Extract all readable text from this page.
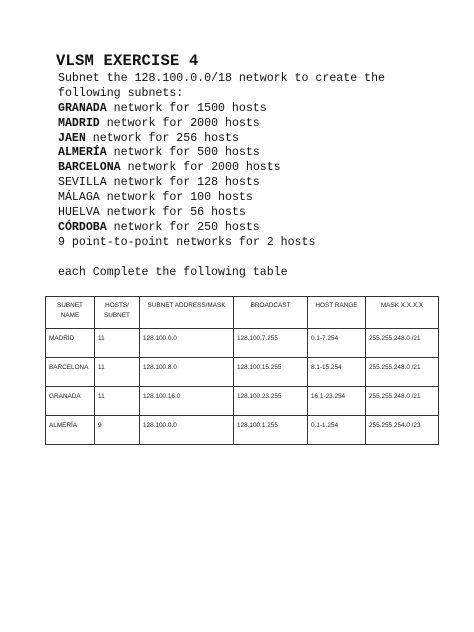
VLSM EXERCISE 4
Subnet the 128.100.0.0/18 network to create the
following subnets:
GRANADA network for 1500 hosts
MADRID network for 2000 hosts
JAEN network for 256 hosts
ALMERÍA network for 500 hosts
BARCELONA network for 2000 hosts
SEVILLA network for 128 hosts
MÁLAGA network for 100 hosts
HUELVA network for 56 hosts
CÓRDOBA network for 250 hosts
9 point-to-point networks for 2 hosts
each Complete the following table
SUBNET NAME	HOSTS/ SUBNET	SUBNET ADDRESS/MASK	BROADCAST	HOST RANGE	MASK X.X.X.X
MADRID	11	128.100.0.0	128.100.7.255	0.1-7.254	255.255.248.0 /21
BARCELONA	11	128.100.8.0	128.100.15.255	8.1-15.254	255.255.248.0 /21
GRANADA	11	128.100.16.0	128.100.23.255	16.1-23.254	255.255.248.0 /21
ALMERÍA	9	128.100.0.0	128.100.1.255	0.1-1.254	255.255.254.0 /23
